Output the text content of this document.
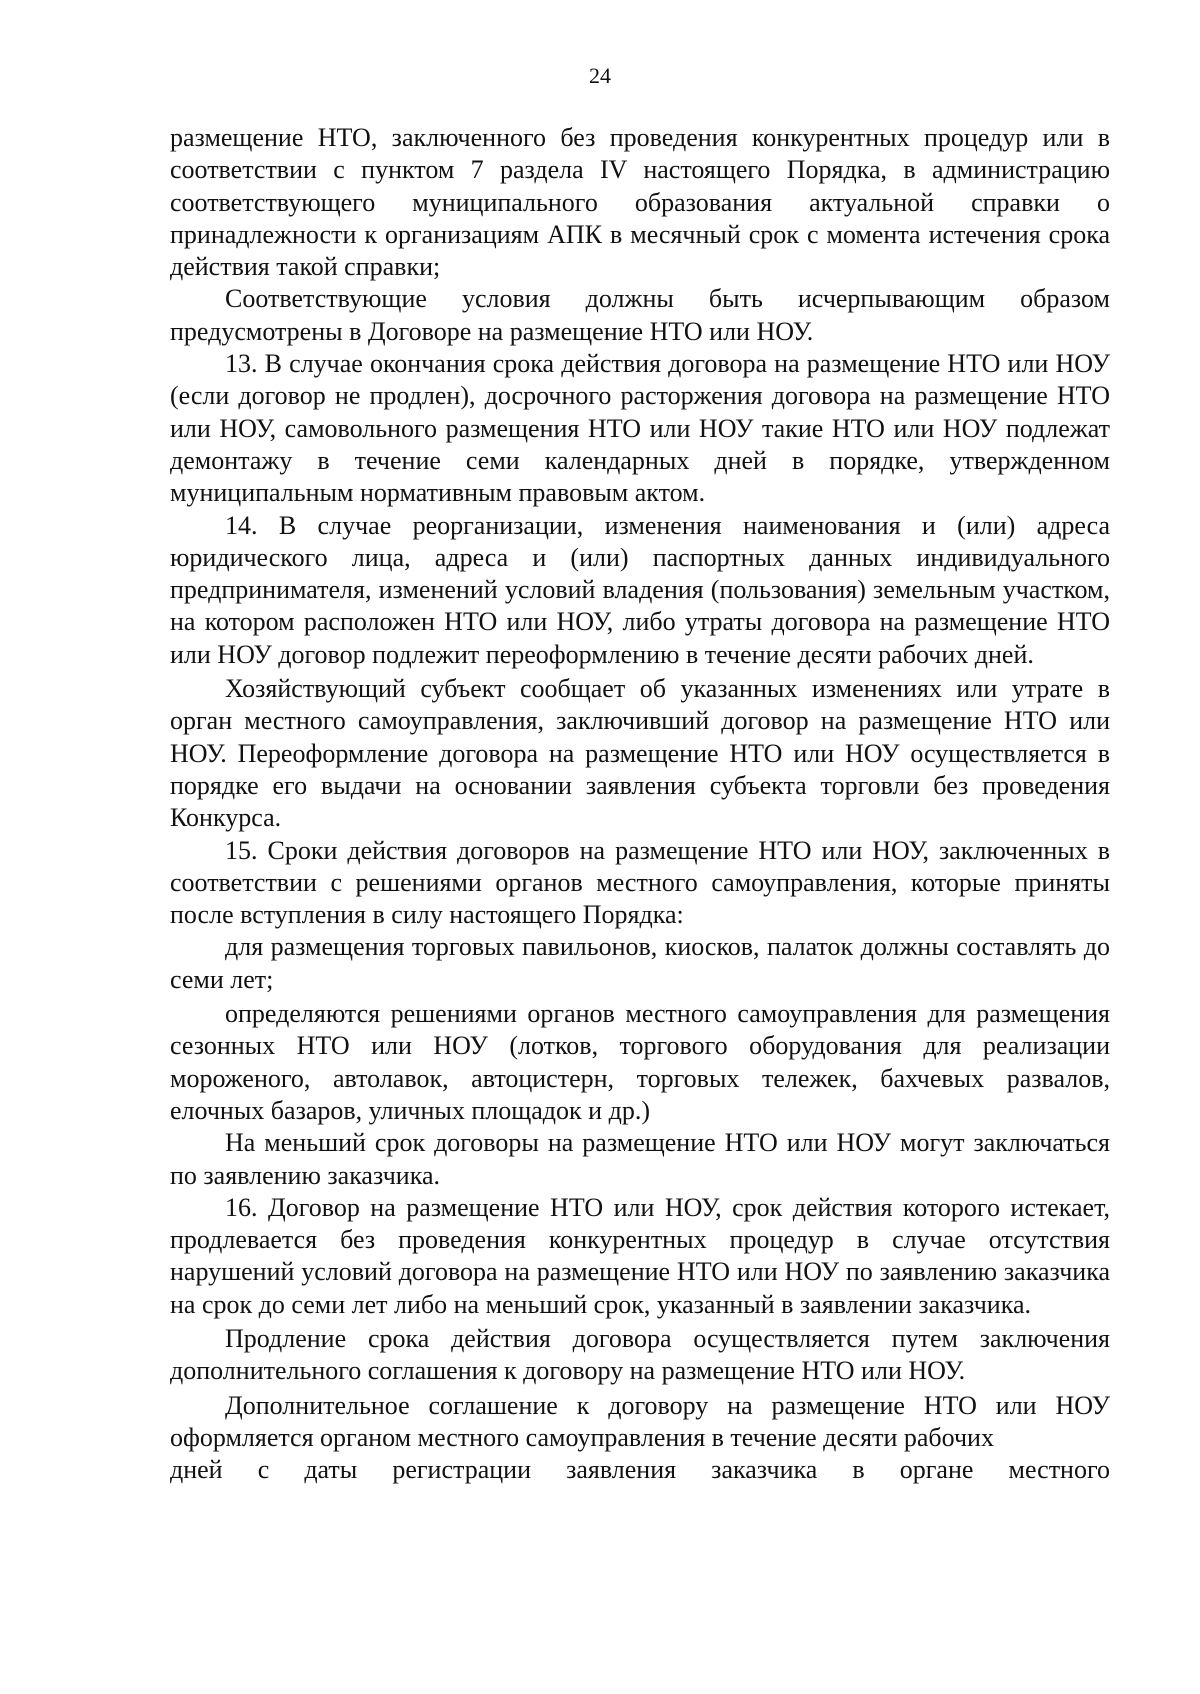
24

размещение НТО, заключенного без проведения конкурентных процедур или в соответствии с пунктом 7 раздела IV настоящего Порядка, в администрацию соответствующего муниципального образования актуальной справки о принадлежности к организациям АПК в месячный срок с момента истечения срока действия такой справки;

Соответствующие условия должны быть исчерпывающим образом предусмотрены в Договоре на размещение НТО или НОУ.

13. В случае окончания срока действия договора на размещение НТО или НОУ (если договор не продлен), досрочного расторжения договора на размещение НТО или НОУ, самовольного размещения НТО или НОУ такие НТО или НОУ подлежат демонтажу в течение семи календарных дней в порядке, утвержденном муниципальным нормативным правовым актом.

14. В случае реорганизации, изменения наименования и (или) адреса юридического лица, адреса и (или) паспортных данных индивидуального предпринимателя, изменений условий владения (пользования) земельным участком, на котором расположен НТО или НОУ, либо утраты договора на размещение НТО или НОУ договор подлежит переоформлению в течение десяти рабочих дней.

Хозяйствующий субъект сообщает об указанных изменениях или утрате в орган местного самоуправления, заключивший договор на размещение НТО или НОУ. Переоформление договора на размещение НТО или НОУ осуществляется в порядке его выдачи на основании заявления субъекта торговли без проведения Конкурса.

15. Сроки действия договоров на размещение НТО или НОУ, заключенных в соответствии с решениями органов местного самоуправления, которые приняты после вступления в силу настоящего Порядка:

для размещения торговых павильонов, киосков, палаток должны составлять до семи лет;

определяются решениями органов местного самоуправления для размещения сезонных НТО или НОУ (лотков, торгового оборудования для реализации мороженого, автолавок, автоцистерн, торговых тележек, бахчевых развалов, елочных базаров, уличных площадок и др.)

На меньший срок договоры на размещение НТО или НОУ могут заключаться по заявлению заказчика.

16. Договор на размещение НТО или НОУ, срок действия которого истекает, продлевается без проведения конкурентных процедур в случае отсутствия нарушений условий договора на размещение НТО или НОУ по заявлению заказчика на срок до семи лет либо на меньший срок, указанный в заявлении заказчика.

Продление срока действия договора осуществляется путем заключения дополнительного соглашения к договору на размещение НТО или НОУ.

Дополнительное соглашение к договору на размещение НТО или НОУ оформляется органом местного самоуправления в течение десяти рабочих

дней с даты регистрации заявления заказчика в органе местного
